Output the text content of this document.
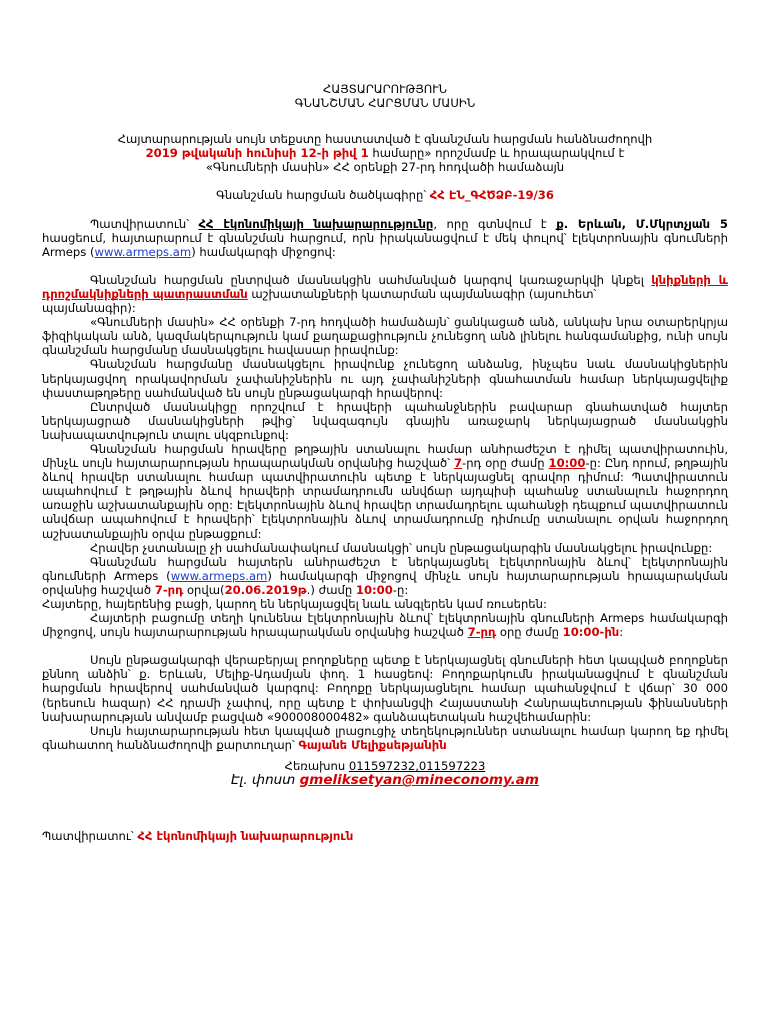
ՀԱՅՏԱՐԱՐՈՒԹՅՈՒՆ
ԳՆԱՆՇՄԱՆ ՀԱՐՑՄԱՆ ՄԱՍԻՆ
Հայտարարության սույն տեքստը հաստատված է գնանշման հարցման հանձնաժողովի
2019 թվականի հունիսի 12-ի թիվ 1 համարը» որոշմամբ և հրապարակվում է
«Գնումների մասին» ՀՀ օրենքի 27-րդ հոդվածի համաձայն
Գնանշման հարցման ծածկագիրը՝ ՀՀ ԷՆ_ԳՀԾՁԲ-19/36

Պատվիրատուն՝ ՀՀ էկոնոմիկայի նախարարությունը, որը գտնվում է ք. Երևան, Մ.Մկրտչյան 5 հասցեում, հայտարարում է գնանշման հարցում, որն իրականացվում է մեկ փուլով՝ էլեկտրոնային գնումների Armeps (www.armeps.am) համակարգի միջոցով:

Գնանշման հարցման ընտրված մասնակցին սահմանված կարգով կառաջարկվի կնքել կնիքների և դրոշմակնիքների պատրաստման աշխատանքների կատարման պայմանագիր (այսուհետ՝
պայմանագիր):

«Գնումների մասին» ՀՀ օրենքի 7-րդ հոդվածի համաձայն՝ ցանկացած անձ, անկախ նրա օտարերկրյա ֆիզիկական անձ, կազմակերպություն կամ քաղաքացիություն չունեցող անձ լինելու հանգամանքից, ունի սույն գնանշման հարցմանը մասնակցելու հավասար իրավունք:

Գնանշման հարցմանը մասնակցելու իրավունք չունեցող անձանց, ինչպես նաև մասնակիցներին ներկայացվող որակավորման չափանիշներին ու այդ չափանիշների գնահատման համար ներկայացվելիք փաստաթղթերը սահմանված են սույն ընթացակարգի հրավերով:

Ընտրված մասնակիցը որոշվում է հրավերի պահանջներին բավարար գնահատված հայտեր ներկայացրած մասնակիցների թվից՝ նվազագույն գնային առաջարկ ներկայացրած մասնակցին նախապատվություն տալու սկզբունքով:

Գնանշման հարցման հրավերը թղթային ստանալու համար անհրաժեշտ է դիմել պատվիրատուին, մինչև սույն հայտարարության հրապարակման օրվանից հաշված՝ 7-րդ օրը ժամը 10:00-ը: Ընդ որում, թղթային ձևով հրավեր ստանալու համար պատվիրատուին պետք է ներկայացնել գրավոր դիմում: Պատվիրատուն ապահովում է թղթային ձևով հրավերի տրամադրումն անվճար այդպիսի պահանջ ստանալուն հաջորդող առաջին աշխատանքային օրը: Էլեկտրոնային ձևով հրավեր տրամադրելու պահանջի դեպքում պատվիրատուն անվճար ապահովում է հրավերի՝ էլեկտրոնային ձևով տրամադրումը դիմումը ստանալու օրվան հաջորդող աշխատանքային օրվա ընթացքում:

Հրավեր չստանալը չի սահմանափակում մասնակցի՝ սույն ընթացակարգին մասնակցելու իրավունքը:

Գնանշման հարցման հայտերն անհրաժեշտ է ներկայացնել էլեկտրոնային ձևով՝ էլեկտրոնային գնումների Armeps (www.armeps.am) համակարգի միջոցով մինչև սույն հայտարարության հրապարակման օրվանից հաշված 7-րդ օրվա(20.06.2019թ.) ժամը 10:00-ը:
Հայտերը, հայերենից բացի, կարող են ներկայացվել նաև անգլերեն կամ ռուսերեն:

Հայտերի բացումը տեղի կունենա էլեկտրոնային ձևով՝ էլեկտրոնային գնումների Armeps համակարգի միջոցով, սույն հայտարարության հրապարակման օրվանից հաշված 7-րդ օրը ժամը 10:00-ին:

Սույն ընթացակարգի վերաբերյալ բողոքները պետք է ներկայացնել գնումների հետ կապված բողոքներ քննող անձին՝ ք. Երևան, Մելիք-Ադամյան փող. 1 հասցեով: Բողոքարկումն իրականացվում է գնանշման հարցման հրավերով սահմանված կարգով: Բողոքը ներկայացնելու համար պահանջվում է վճար՝ 30 000 (երեսուն հազար) ՀՀ դրամի չափով, որը պետք է փոխանցվի Հայաստանի Հանրապետության ֆինանսների նախարարության անվամբ բացված «900008000482» գանձապետական հաշվեհամարին:

Սույն հայտարարության հետ կապված լրացուցիչ տեղեկություններ ստանալու համար կարող եք դիմել գնահատող հանձնաժողովի քարտուղար՝ Գայանե Մելիքսեթյանին

Հեռախոս 011597232,011597223
Էլ. փոստ gmeliksetyan@mineconomy.am
Պատվիրատու՝ ՀՀ էկոնոմիկայի նախարարություն
